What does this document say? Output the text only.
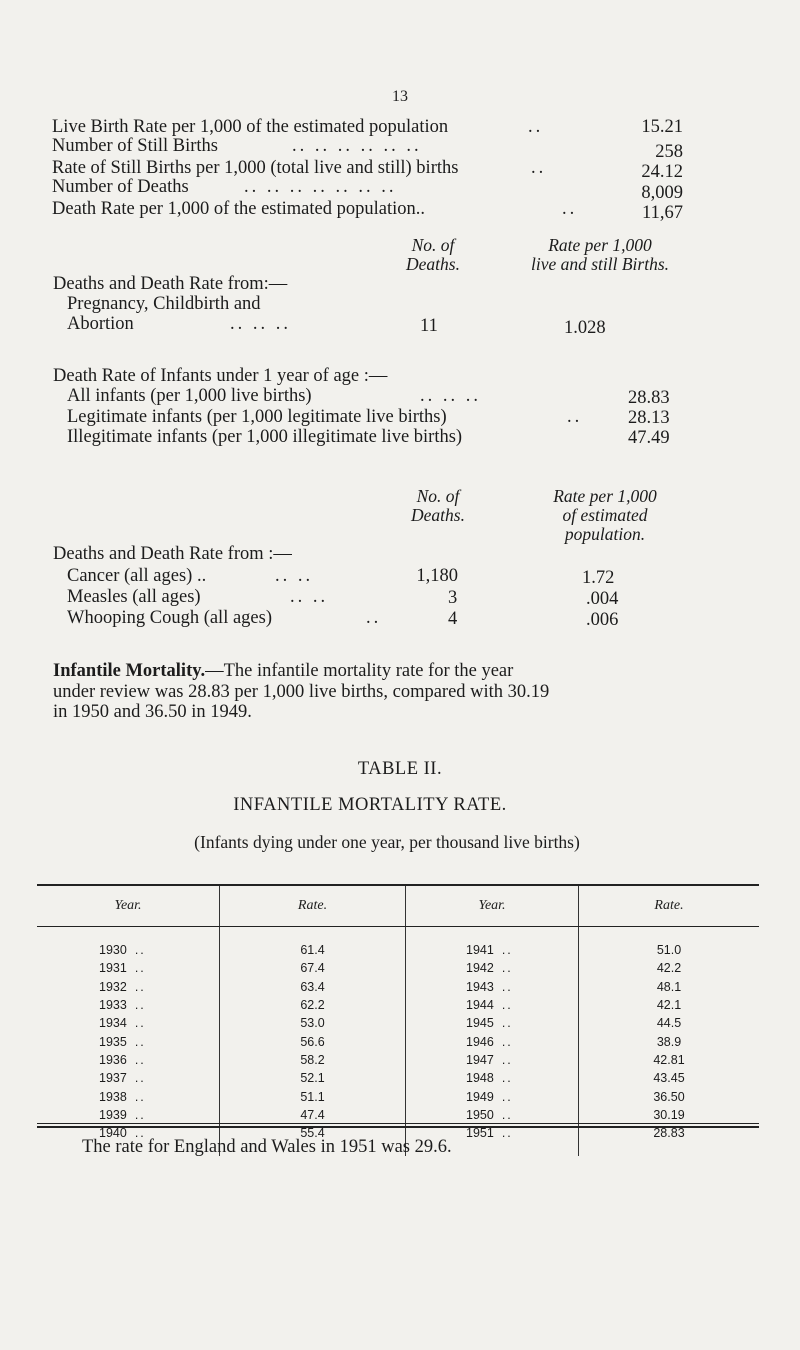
13
Live Birth Rate per 1,000 of the estimated population	..	15.21
Number of Still Births	.. .. .. .. .. ..	258
Rate of Still Births per 1,000 (total live and still) births	..	24.12
Number of Deaths	.. .. .. .. .. .. ..	8,009
Death Rate per 1,000 of the estimated population..	..	11,67
No. of
Deaths.
Rate per 1,000
live and still Births.
Deaths and Death Rate from:—
Pregnancy, Childbirth and
Abortion	.. .. ..	11	1.028
Death Rate of Infants under 1 year of age :—
All infants (per 1,000 live births)	.. .. ..	28.83
Legitimate infants (per 1,000 legitimate live births)	.. 28.13
Illegitimate infants (per 1,000 illegitimate live births)	47.49
No. of
Deaths.
Rate per 1,000
of estimated
population.
Deaths and Death Rate from :—
Cancer (all ages) ..	.. ..	1,180	1.72
Measles (all ages)	.. ..	3	.004
Whooping Cough (all ages)	..	4	.006
Infantile Mortality.—The infantile mortality rate for the year
under review was 28.83 per 1,000 live births, compared with 30.19
in 1950 and 36.50 in 1949.
TABLE II.
INFANTILE MORTALITY RATE.
(Infants dying under one year, per thousand live births)
Year.	Rate.	Year.	Rate.
1930 ..	61.4	1941 ..	51.0
1931 ..	67.4	1942 ..	42.2
1932 ..	63.4	1943 ..	48.1
1933 ..	62.2	1944 ..	42.1
1934 ..	53.0	1945 ..	44.5
1935 ..	56.6	1946 ..	38.9
1936 ..	58.2	1947 ..	42.81
1937 ..	52.1	1948 ..	43.45
1938 ..	51.1	1949 ..	36.50
1939 ..	47.4	1950 ..	30.19
1940 ..	55.4	1951 ..	28.83

The rate for England and Wales in 1951 was 29.6.
